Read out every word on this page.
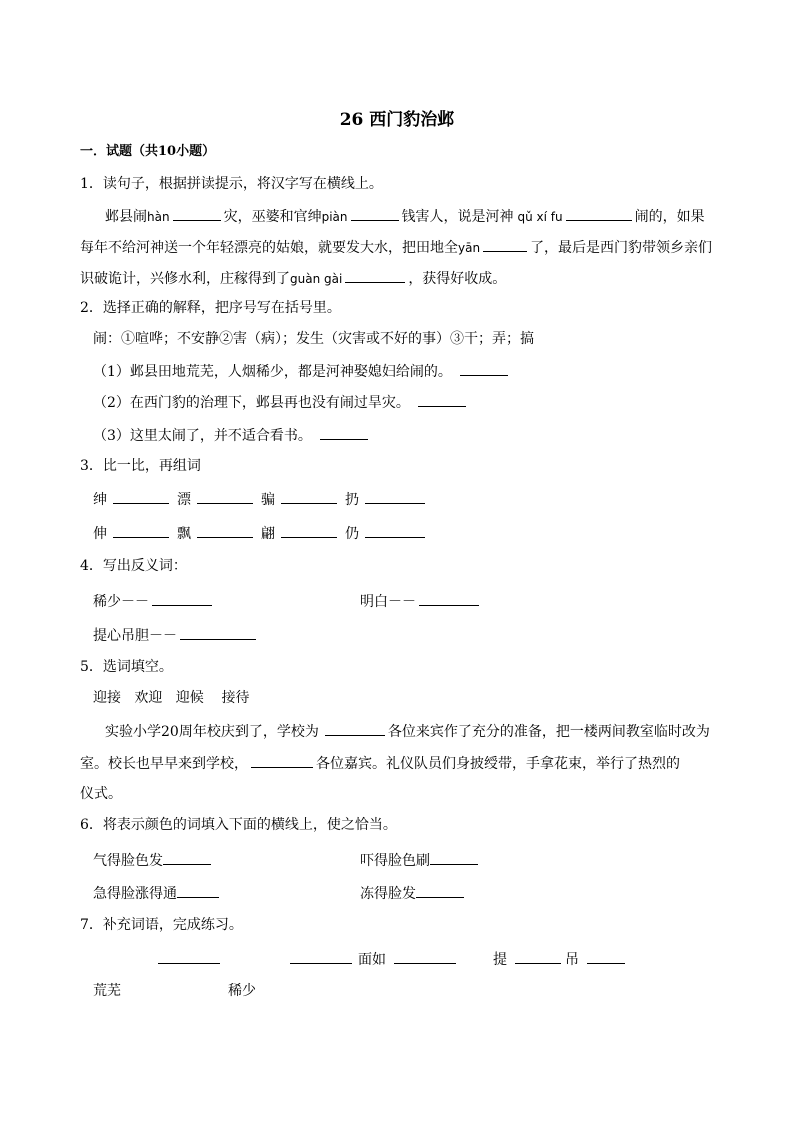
26 西门豹治邺
一．试题（共10小题）
1．读句子，根据拼读提示，将汉字写在横线上。
邺县闹hàn	灾，巫婆和官绅piàn	钱害人，说是河神 qǔ xí fu	闹的，如果
每年不给河神送一个年轻漂亮的姑娘，就要发大水，把田地全yān	了，最后是西门豹带领乡亲们
识破诡计，兴修水利，庄稼得到了guàn gài	，获得好收成。
2．选择正确的解释，把序号写在括号里。
闹：①喧哗；不安静②害（病）；发生（灾害或不好的事）③干；弄；搞
（1）邺县田地荒芜，人烟稀少，都是河神娶媳妇给闹的。
（2）在西门豹的治理下，邺县再也没有闹过旱灾。
（3）这里太闹了，并不适合看书。
3．比一比，再组词
绅	漂	骗	扔
伸	飘	翩	仍
4．写出反义词：
稀少－－	明白－－
提心吊胆－－
5．选词填空。
迎接   欢迎   迎候    接待
实验小学20周年校庆到了，学校为	各位来宾作了充分的准备，把一楼两间教室临时改为
室。校长也早早来到学校，	各位嘉宾。礼仪队员们身披绶带，手拿花束，举行了热烈的
仪式。
6．将表示颜色的词填入下面的横线上，使之恰当。
气得脸色发	吓得脸色刷
急得脸涨得通	冻得脸发
7．补充词语，完成练习。
面如	提	吊
荒芜	稀少
